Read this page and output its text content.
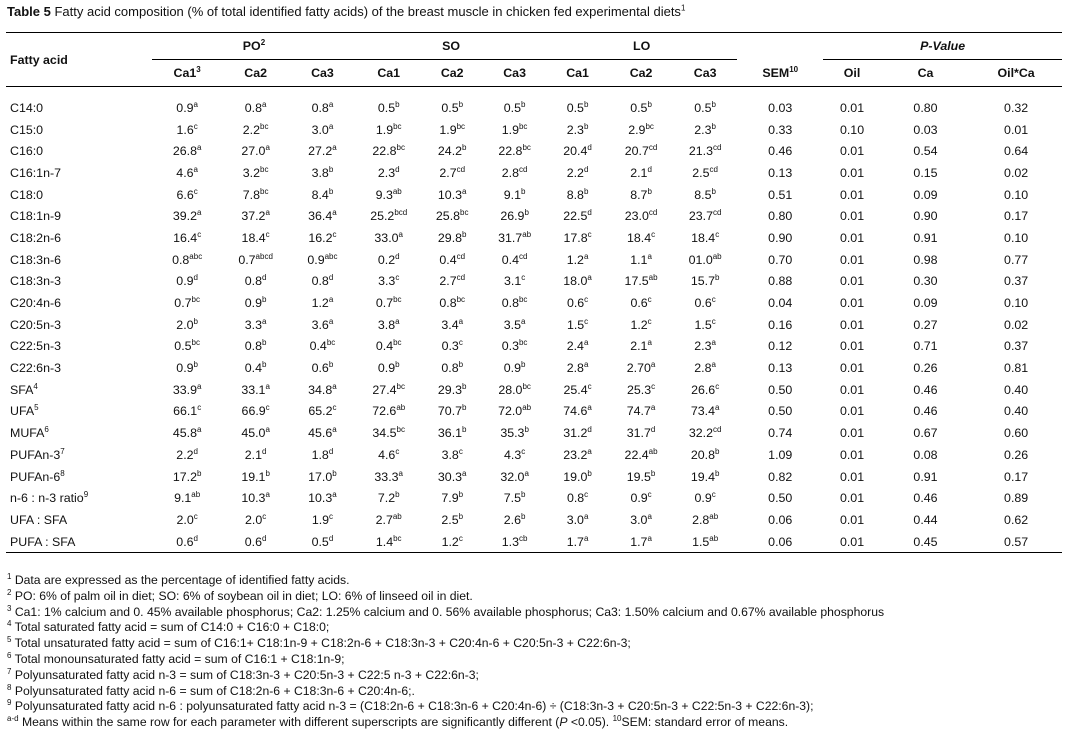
Table 5 Fatty acid composition (% of total identified fatty acids) of the breast muscle in chicken fed experimental diets$^1$
Fatty acid	$PO^2$			SO			LO						P-Value		
	$Ca1^3$	Ca2	Ca3	Ca1	Ca2	Ca3	Ca1	Ca2	Ca3		SEM$^{10}$		Oil	Ca	Oil*Ca

C14:0	0.9$^a$	0.8$^a$	0.8$^a$	0.5$^b$	0.5$^b$	0.5$^b$	0.5$^b$	0.5$^b$	0.5$^b$		0.03		0.01	0.80	0.32
C15:0	1.6$^c$	2.2$^{bc}$	3.0$^a$	1.9$^{bc}$	1.9$^{bc}$	1.9$^{bc}$	2.3$^b$	2.9$^{bc}$	2.3$^b$		0.33		0.10	0.03	0.01
C16:0	26.8$^a$	27.0$^a$	27.2$^a$	22.8$^{bc}$	24.2$^b$	22.8$^{bc}$	20.4$^d$	20.7$^{cd}$	21.3$^{cd}$		0.46		0.01	0.54	0.64
C16:1n-7	4.6$^a$	3.2$^{bc}$	3.8$^b$	2.3$^d$	2.7$^{cd}$	2.8$^{cd}$	2.2$^d$	2.1$^d$	2.5$^{cd}$		0.13		0.01	0.15	0.02
C18:0	6.6$^c$	7.8$^{bc}$	8.4$^b$	9.3$^{ab}$	10.3$^a$	9.1$^b$	8.8$^b$	8.7$^b$	8.5$^b$		0.51		0.01	0.09	0.10
C18:1n-9	39.2$^a$	37.2$^a$	36.4$^a$	25.2$^{bcd}$	25.8$^{bc}$	26.9$^b$	22.5$^d$	23.0$^{cd}$	23.7$^{cd}$		0.80		0.01	0.90	0.17
C18:2n-6	16.4$^c$	18.4$^c$	16.2$^c$	33.0$^a$	29.8$^b$	31.7$^{ab}$	17.8$^c$	18.4$^c$	18.4$^c$		0.90		0.01	0.91	0.10
C18:3n-6	0.8$^{abc}$	$0.7^{abcd}$	0.9$^{abc}$	0.2$^d$	0.4$^{cd}$	0.4$^{cd}$	1.2$^a$	1.1$^a$	01.0$^{ab}$		0.70		0.01	0.98	0.77
C18:3n-3	0.9$^d$	0.8$^d$	0.8$^d$	3.3$^c$	2.7$^{cd}$	3.1$^c$	18.0$^a$	17.5$^{ab}$	15.7$^b$		0.88		0.01	0.30	0.37
C20:4n-6	0.7$^{bc}$	0.9$^b$	1.2$^a$	0.7$^{bc}$	0.8$^{bc}$	0.8$^{bc}$	0.6$^c$	0.6$^c$	0.6$^c$		0.04		0.01	0.09	0.10
C20:5n-3	2.0$^b$	3.3$^a$	3.6$^a$	3.8$^a$	3.4$^a$	3.5$^a$	1.5$^c$	1.2$^c$	1.5$^c$		0.16		0.01	0.27	0.02
C22:5n-3	0.5$^{bc}$	0.8$^b$	0.4$^{bc}$	0.4$^{bc}$	0.3$^c$	0.3$^{bc}$	2.4$^a$	2.1$^a$	2.3$^a$		0.12		0.01	0.71	0.37
C22:6n-3	0.9$^b$	0.4$^b$	0.6$^b$	0.9$^b$	0.8$^b$	0.9$^b$	2.8$^a$	2.70$^a$	2.8$^a$		0.13		0.01	0.26	0.81
SFA$^4$	33.9$^a$	33.1$^a$	34.8$^a$	27.4$^{bc}$	29.3$^b$	28.0$^{bc}$	25.4$^c$	25.3$^c$	26.6$^c$		0.50		0.01	0.46	0.40
UFA$^5$	66.1$^c$	66.9$^c$	65.2$^c$	72.6$^{ab}$	70.7$^b$	72.0$^{ab}$	74.6$^a$	74.7$^a$	73.4$^a$		0.50		0.01	0.46	0.40
MUFA$^6$	45.8$^a$	45.0$^a$	45.6$^a$	34.5$^{bc}$	36.1$^b$	35.3$^b$	31.2$^d$	31.7$^d$	32.2$^{cd}$		0.74		0.01	0.67	0.60
PUFAn-$3^7$	2.2$^d$	2.1$^d$	1.8$^d$	4.6$^c$	3.8$^c$	4.3$^c$	23.2$^a$	22.4$^{ab}$	20.8$^b$		1.09		0.01	0.08	0.26
PUFAn-$6^8$	17.2$^b$	19.1$^b$	17.0$^b$	33.3$^a$	30.3$^a$	32.0$^a$	19.0$^b$	19.5$^b$	19.4$^b$		0.82		0.01	0.91	0.17
n-6 : n-3 ratio$^9$	9.1$^{ab}$	10.3$^a$	10.3$^a$	7.2$^b$	7.9$^b$	7.5$^b$	0.8$^c$	0.9$^c$	0.9$^c$		0.50		0.01	0.46	0.89
UFA : SFA	2.0$^c$	2.0$^c$	1.9$^c$	2.7$^{ab}$	2.5$^b$	2.6$^b$	3.0$^a$	3.0$^a$	2.8$^{ab}$		0.06		0.01	0.44	0.62
PUFA : SFA	0.6$^d$	0.6$^d$	0.5$^d$	1.4$^{bc}$	1.2$^c$	1.3$^{cb}$	1.7$^a$	1.7$^a$	1.5$^{ab}$		0.06		0.01	0.45	0.57
$^1$ Data are expressed as the percentage of identified fatty acids.
$^2$ PO: 6% of palm oil in diet; SO: 6% of soybean oil in diet; LO: 6% of linseed oil in diet.
$^3$ Ca1: 1% calcium and 0. 45% available phosphorus; Ca2: 1.25% calcium and 0. 56% available phosphorus; Ca3: 1.50% calcium and 0.67% available phosphorus
$^4$ Total saturated fatty acid = sum of C14:0 + C16:0 + C18:0;
$^5$ Total unsaturated fatty acid = sum of C16:1+ C18:1n-9 + C18:2n-6 + C18:3n-3 + C20:4n-6 + C20:5n-3 + C22:6n-3;
$^6$ Total monounsaturated fatty acid = sum of C16:1 + C18:1n-9;
$^7$ Polyunsaturated fatty acid n-3 = sum of C18:3n-3 + C20:5n-3 + C22:5 n-3 + C22:6n-3;
$^8$ Polyunsaturated fatty acid n-6 = sum of C18:2n-6 + C18:3n-6 + C20:4n-6;.
$^9$ Polyunsaturated fatty acid n-6 : polyunsaturated fatty acid n-3 = (C18:2n-6 + C18:3n-6 + C20:4n-6) ÷ (C18:3n-3 + C20:5n-3 + C22:5n-3 + C22:6n-3);
$^{a-d}$ Means within the same row for each parameter with different superscripts are significantly different (P <0.05). $^{10}$SEM: standard error of means.
